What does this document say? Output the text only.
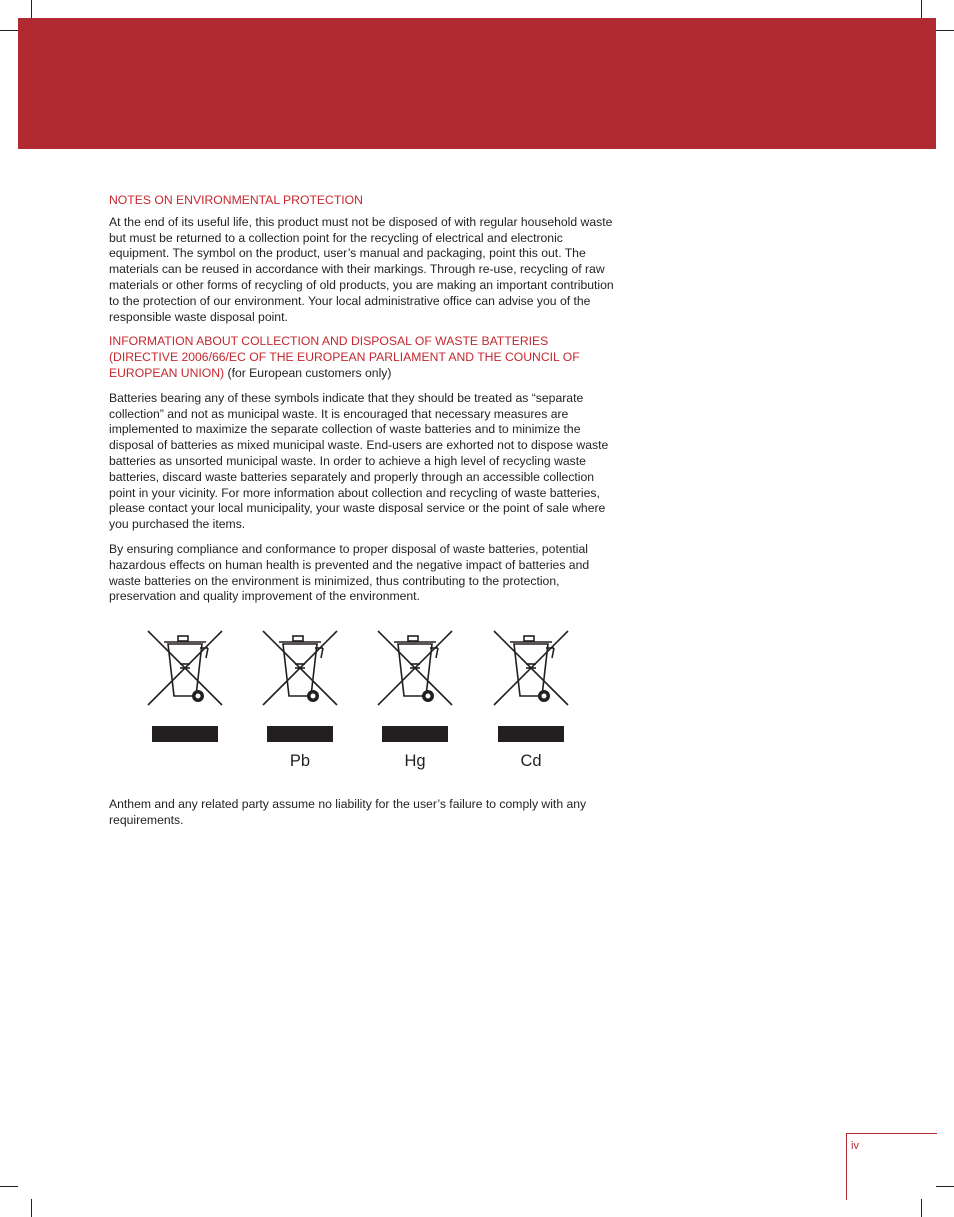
NOTES ON ENVIRONMENTAL PROTECTION

At the end of its useful life, this product must not be disposed of with regular household waste but must be returned to a collection point for the recycling of electrical and electronic equipment. The symbol on the product, user’s manual and packaging, point this out. The materials can be reused in accordance with their markings. Through re-use, recycling of raw materials or other forms of recycling of old products, you are making an important contribution to the protection of our environment. Your local administrative office can advise you of the responsible waste disposal point.

INFORMATION ABOUT COLLECTION AND DISPOSAL OF WASTE BATTERIES (DIRECTIVE 2006/66/EC OF THE EUROPEAN PARLIAMENT AND THE COUNCIL OF EUROPEAN UNION) (for European customers only)

Batteries bearing any of these symbols indicate that they should be treated as “separate collection” and not as municipal waste. It is encouraged that necessary measures are implemented to maximize the separate collection of waste batteries and to minimize the disposal of batteries as mixed municipal waste. End-users are exhorted not to dispose waste batteries as unsorted municipal waste. In order to achieve a high level of recycling waste batteries, discard waste batteries separately and properly through an accessible collection point in your vicinity. For more information about collection and recycling of waste batteries, please contact your local municipality, your waste disposal service or the point of sale where you purchased the items.

By ensuring compliance and conformance to proper disposal of waste batteries, potential hazardous effects on human health is prevented and the negative impact of batteries and waste batteries on the environment is minimized, thus contributing to the protection, preservation and quality improvement of the environment.

Pb	Hg	Cd

Anthem and any related party assume no liability for the user’s failure to comply with any requirements.

iv
